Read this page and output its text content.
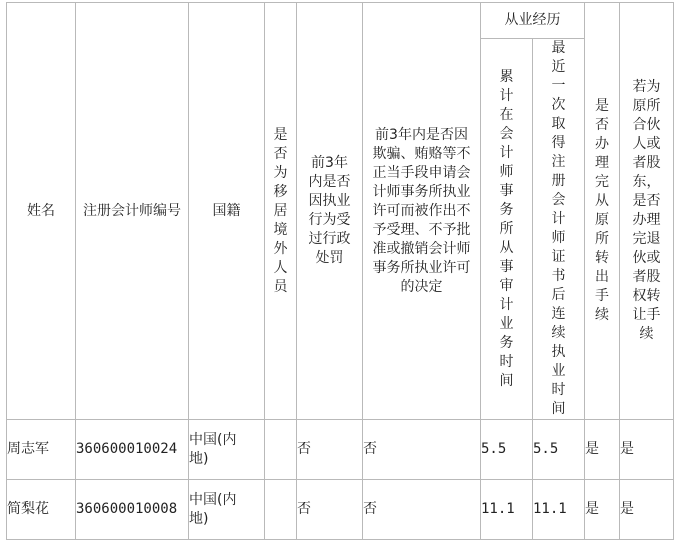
姓名	注册会计师编号	国籍	是否为移居境外人员	前3年内是否因执业行为受过行政处罚	前3年内是否因欺骗、贿赂等不正当手段申请会计师事务所执业许可而被作出不予受理、不予批准或撤销会计师事务所执业许可的决定	从业经历		是否办理完从原所转出手续	若为原所合伙人或者股东，是否办理完退伙或者股权转让手续
						累计在会计师事务所从事审计业务时间	最近一次取得注册会计师证书后连续执业时间		
周志军	360600010024	中国(内地)		否	否	5.5	5.5	是	是
简梨花	360600010008	中国(内地)		否	否	11.1	11.1	是	是
